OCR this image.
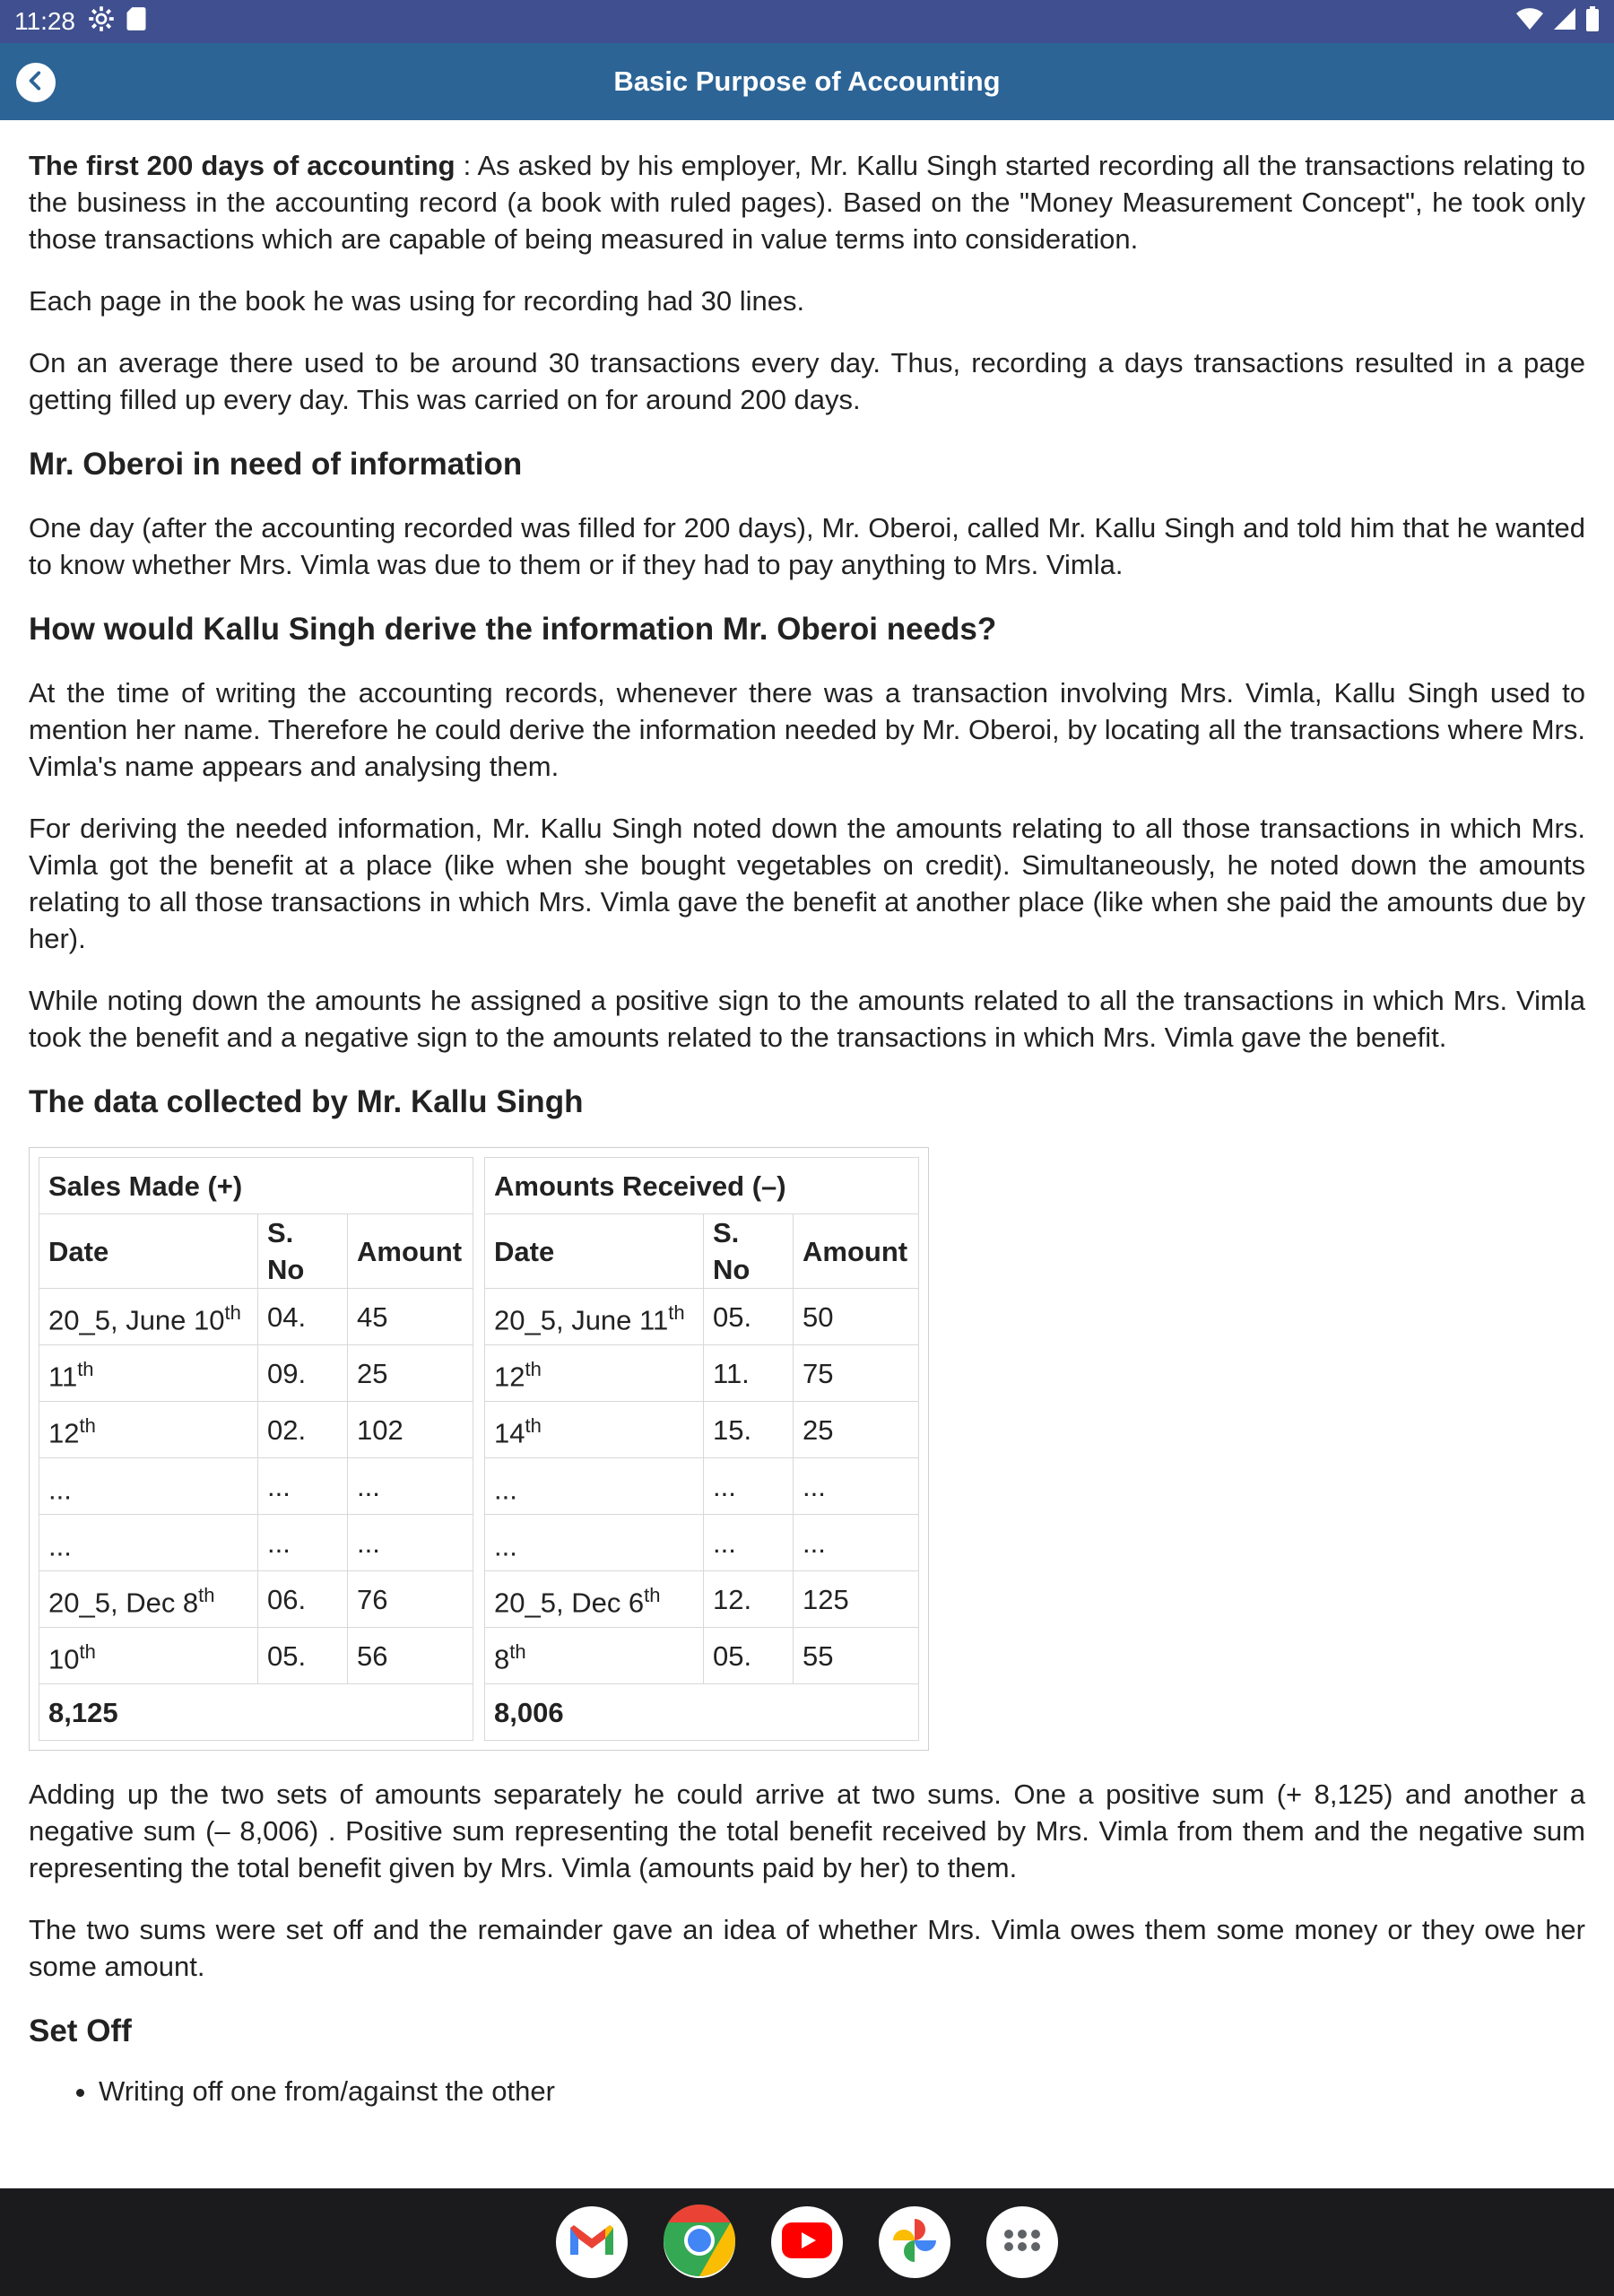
11:28
Basic Purpose of Accounting

The first 200 days of accounting : As asked by his employer, Mr. Kallu Singh started recording all the transactions relating to the business in the accounting record (a book with ruled pages). Based on the "Money Measurement Concept", he took only those transactions which are capable of being measured in value terms into consideration.

Each page in the book he was using for recording had 30 lines.

On an average there used to be around 30 transactions every day. Thus, recording a days transactions resulted in a page getting filled up every day. This was carried on for around 200 days.

Mr. Oberoi in need of information

One day (after the accounting recorded was filled for 200 days), Mr. Oberoi, called Mr. Kallu Singh and told him that he wanted to know whether Mrs. Vimla was due to them or if they had to pay anything to Mrs. Vimla.

How would Kallu Singh derive the information Mr. Oberoi needs?

At the time of writing the accounting records, whenever there was a transaction involving Mrs. Vimla, Kallu Singh used to mention her name. Therefore he could derive the information needed by Mr. Oberoi, by locating all the transactions where Mrs. Vimla's name appears and analysing them.

For deriving the needed information, Mr. Kallu Singh noted down the amounts relating to all those transactions in which Mrs. Vimla got the benefit at a place (like when she bought vegetables on credit). Simultaneously, he noted down the amounts relating to all those transactions in which Mrs. Vimla gave the benefit at another place (like when she paid the amounts due by her).

While noting down the amounts he assigned a positive sign to the amounts related to all the transactions in which Mrs. Vimla took the benefit and a negative sign to the amounts related to the transactions in which Mrs. Vimla gave the benefit.

The data collected by Mr. Kallu Singh
Sales Made (+)		
Date	S. No	Amount
20_5, June 10th	04.	45
11th	09.	25
12th	02.	102
...	...	...
...	...	...
20_5, Dec 8th	06.	76
10th	05.	56
8,125		
Amounts Received (–)		
Date	S. No	Amount
20_5, June 11th	05.	50
12th	11.	75
14th	15.	25
...	...	...
...	...	...
20_5, Dec 6th	12.	125
8th	05.	55
8,006		

Adding up the two sets of amounts separately he could arrive at two sums. One a positive sum (+ 8,125) and another a negative sum (– 8,006) . Positive sum representing the total benefit received by Mrs. Vimla from them and the negative sum representing the total benefit given by Mrs. Vimla (amounts paid by her) to them.

The two sums were set off and the remainder gave an idea of whether Mrs. Vimla owes them some money or they owe her some amount.

Set Off
• Writing off one from/against the other
